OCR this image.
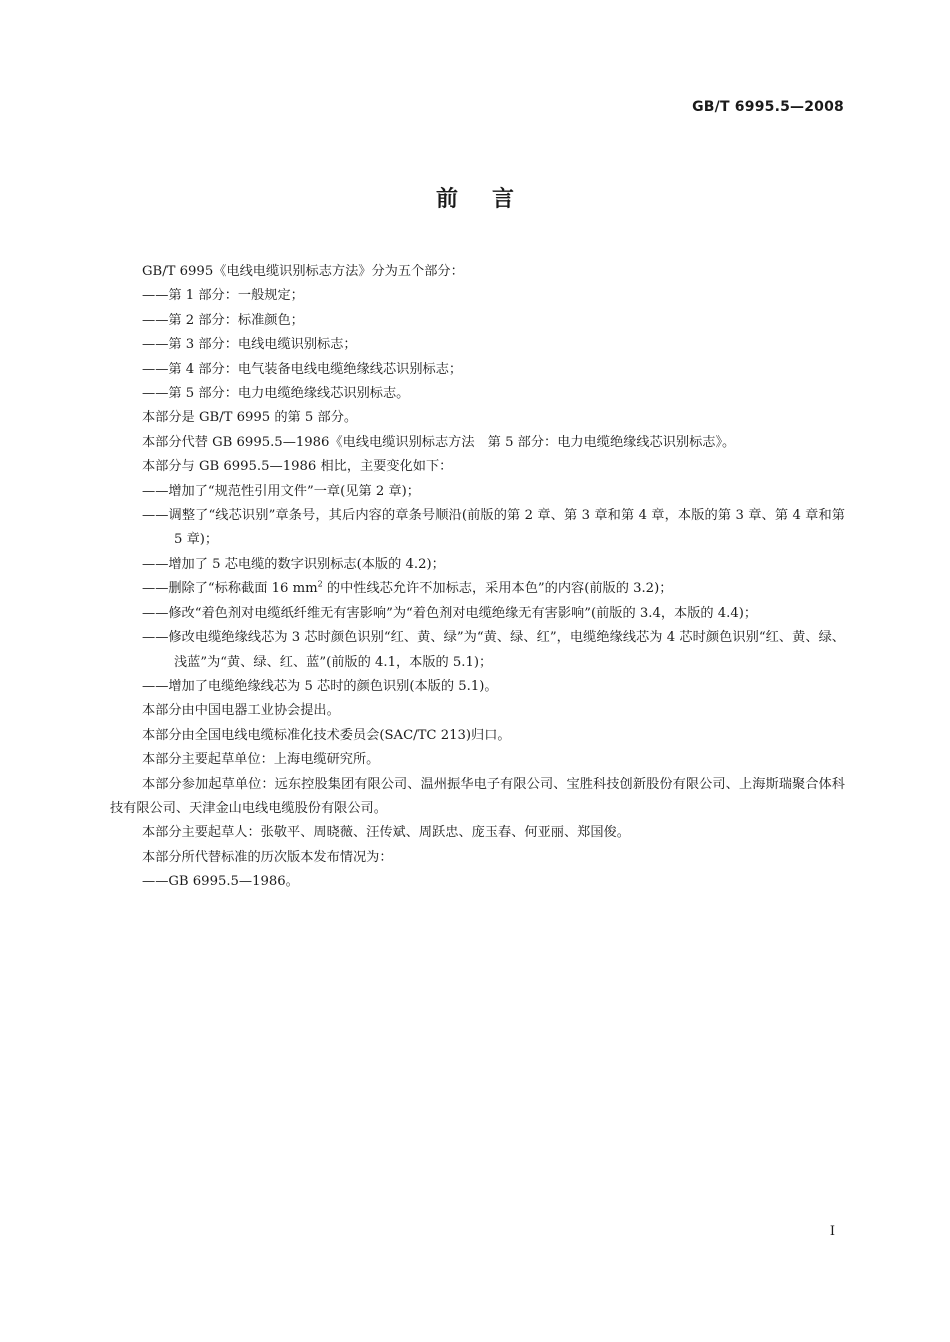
GB/T 6995.5—2008
前言

GB/T 6995《电线电缆识别标志方法》分为五个部分：

——第 1 部分：一般规定；

——第 2 部分：标准颜色；

——第 3 部分：电线电缆识别标志；

——第 4 部分：电气装备电线电缆绝缘线芯识别标志；

——第 5 部分：电力电缆绝缘线芯识别标志。

本部分是 GB/T 6995 的第 5 部分。

本部分代替 GB 6995.5—1986《电线电缆识别标志方法　第 5 部分：电力电缆绝缘线芯识别标志》。

本部分与 GB 6995.5—1986 相比，主要变化如下：

——增加了“规范性引用文件”一章(见第 2 章)；

——调整了“线芯识别”章条号，其后内容的章条号顺沿(前版的第 2 章、第 3 章和第 4 章，本版的第 3 章、第 4 章和第 5 章)；

——增加了 5 芯电缆的数字识别标志(本版的 4.2)；

——删除了“标称截面 16 $mm^2$ 的中性线芯允许不加标志，采用本色”的内容(前版的 3.2)；

——修改“着色剂对电缆纸纤维无有害影响”为“着色剂对电缆绝缘无有害影响”(前版的 3.4，本版的 4.4)；

——修改电缆绝缘线芯为 3 芯时颜色识别“红、黄、绿”为“黄、绿、红”，电缆绝缘线芯为 4 芯时颜色识别“红、黄、绿、浅蓝”为“黄、绿、红、蓝”(前版的 4.1，本版的 5.1)；

——增加了电缆绝缘线芯为 5 芯时的颜色识别(本版的 5.1)。

本部分由中国电器工业协会提出。

本部分由全国电线电缆标准化技术委员会(SAC/TC 213)归口。

本部分主要起草单位：上海电缆研究所。

本部分参加起草单位：远东控股集团有限公司、温州振华电子有限公司、宝胜科技创新股份有限公司、上海斯瑞聚合体科技有限公司、天津金山电线电缆股份有限公司。

本部分主要起草人：张敬平、周晓薇、汪传斌、周跃忠、庞玉春、何亚丽、郑国俊。

本部分所代替标准的历次版本发布情况为：

——GB 6995.5—1986。

I
